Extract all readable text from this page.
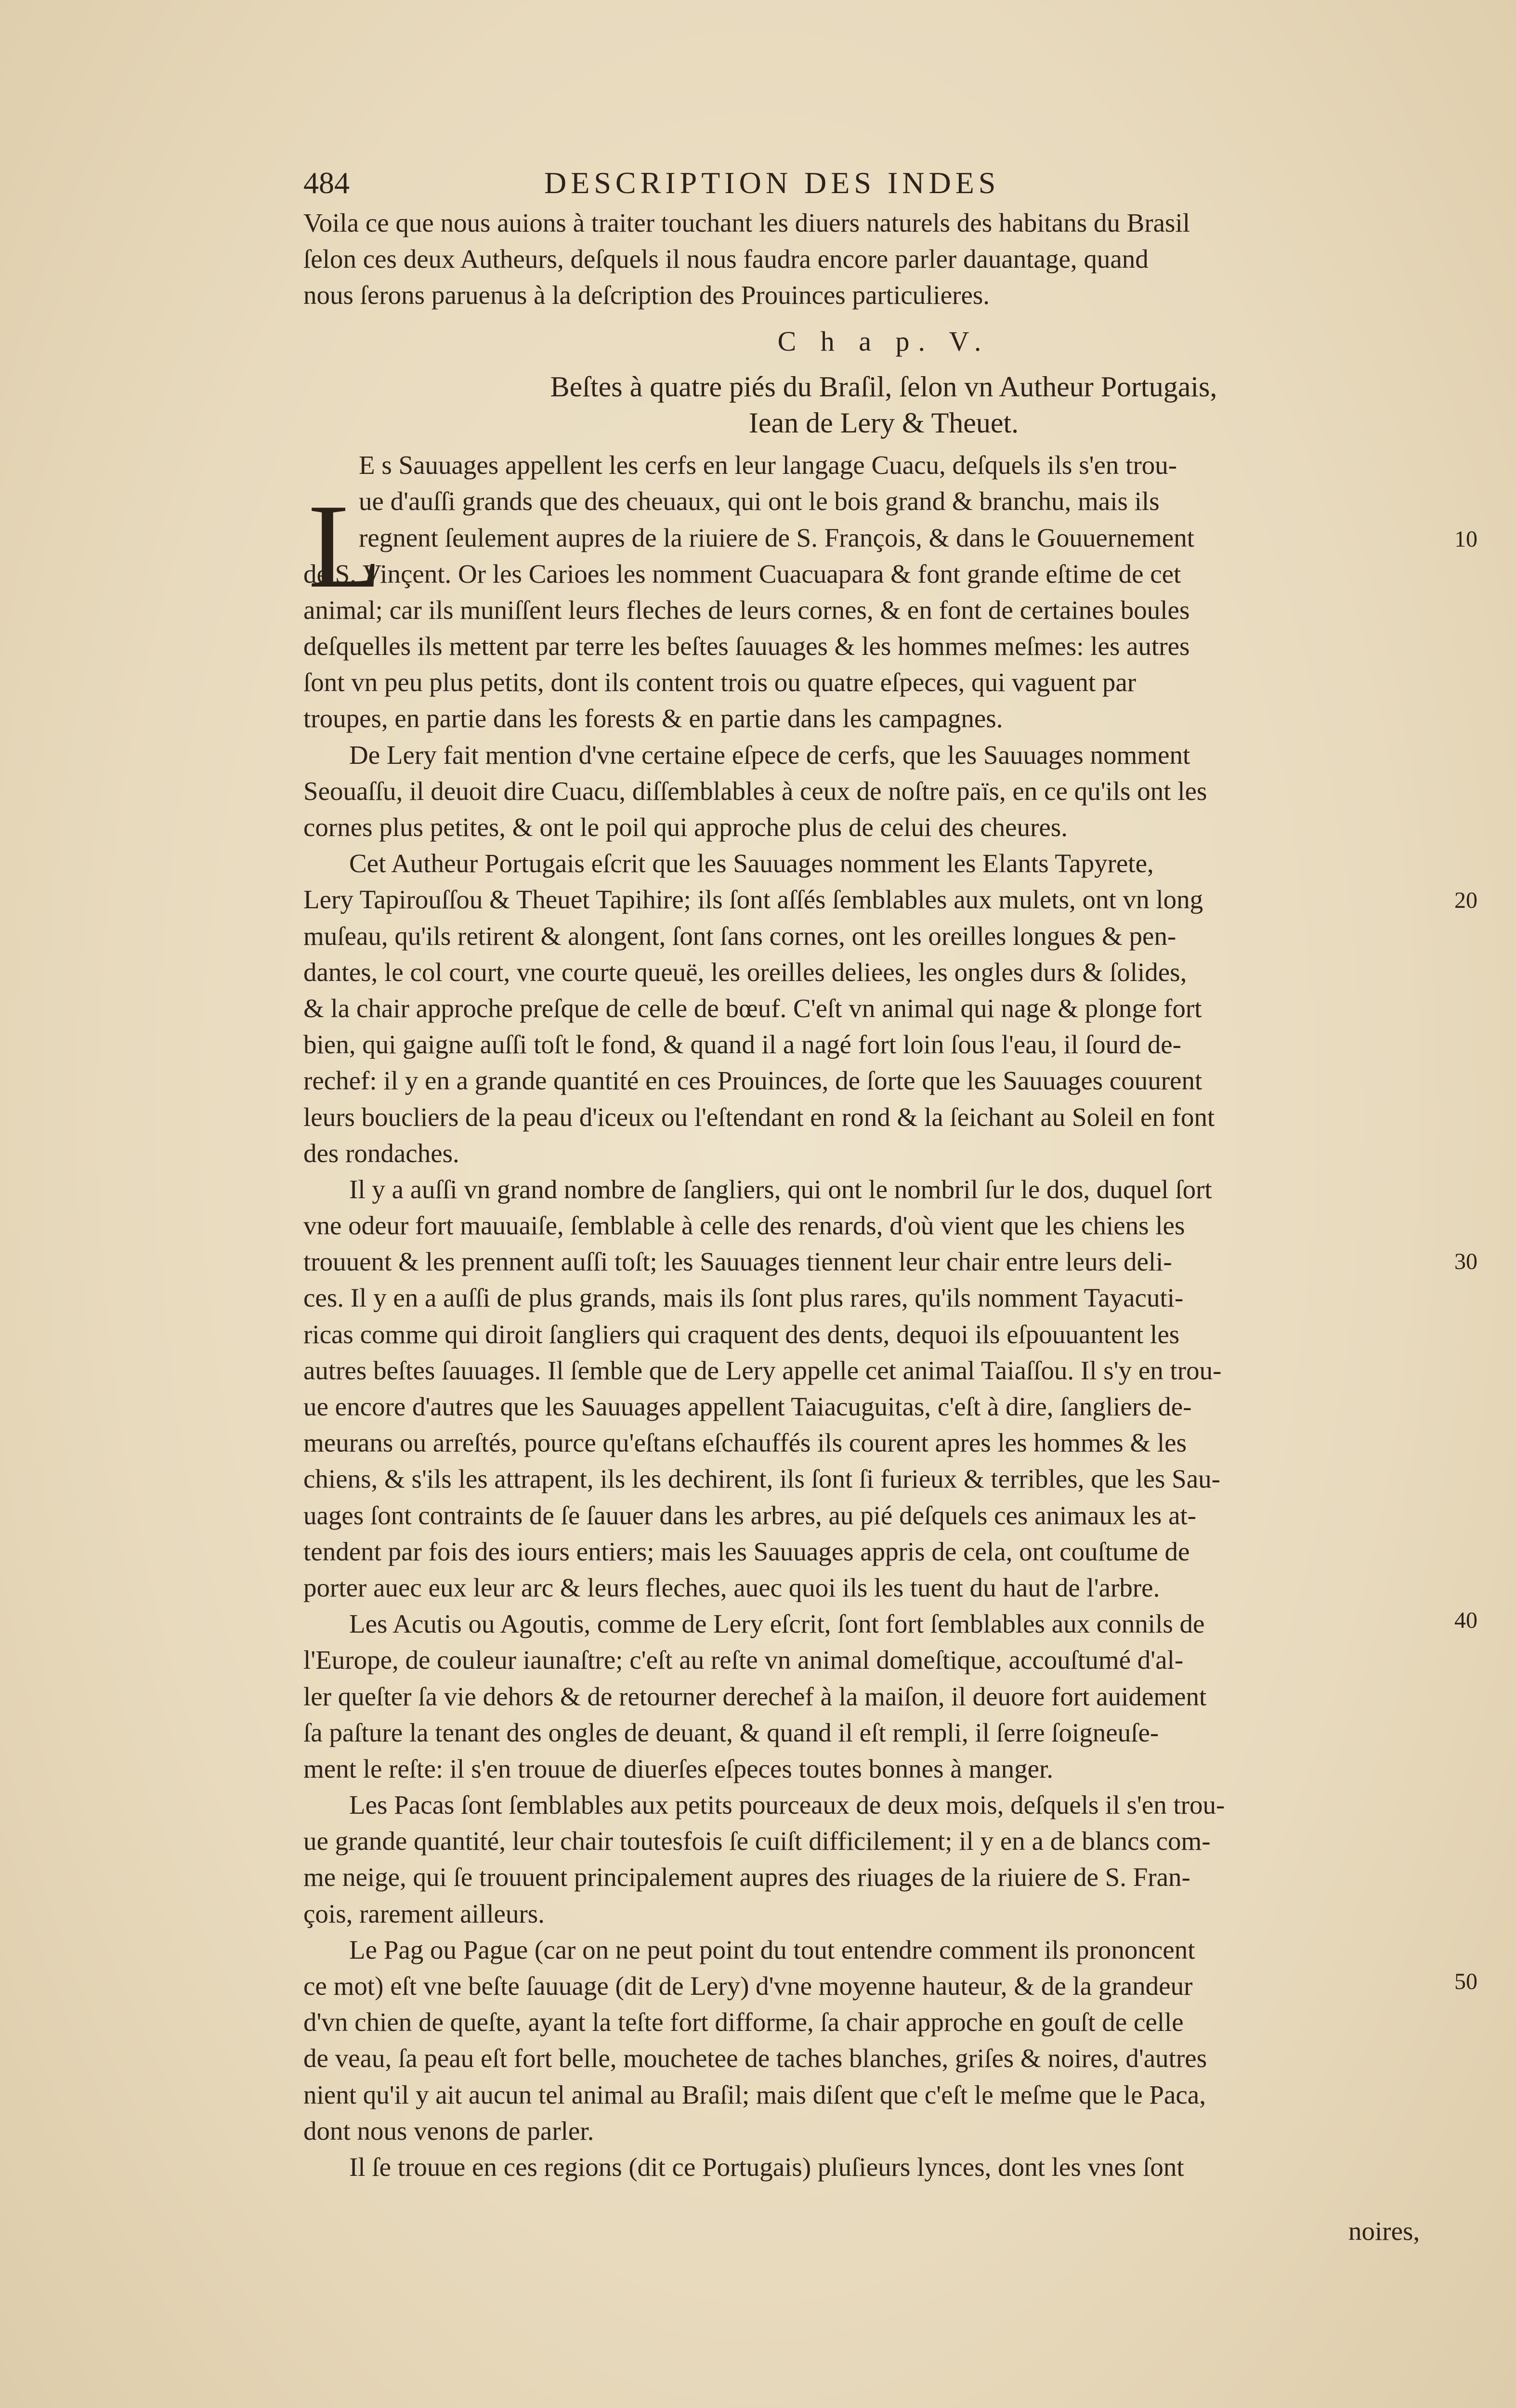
484	DESCRIPTION DES INDES
L
Voila ce que nous auions à traiter touchant les diuers naturels des habitans du Brasil
ſelon ces deux Autheurs, deſquels il nous faudra encore parler dauantage, quand
nous ſerons paruenus à la deſcription des Prouinces particulieres.
C h a p. V.
Beſtes à quatre piés du Braſil, ſelon vn Autheur Portugais,
Iean de Lery & Theuet.
E s Sauuages appellent les cerfs en leur langage Cuacu, deſquels ils s'en trou-
ue d'auſſi grands que des cheuaux, qui ont le bois grand & branchu, mais ils
regnent ſeulement aupres de la riuiere de S. François, & dans le Gouuernement
de S. Vinçent. Or les Carioes les nomment Cuacuapara & font grande eſtime de cet
animal; car ils muniſſent leurs fleches de leurs cornes, & en font de certaines boules
deſquelles ils mettent par terre les beſtes ſauuages & les hommes meſmes: les autres
ſont vn peu plus petits, dont ils content trois ou quatre eſpeces, qui vaguent par
troupes, en partie dans les forests & en partie dans les campagnes.
De Lery fait mention d'vne certaine eſpece de cerfs, que les Sauuages nomment
Seouaſſu, il deuoit dire Cuacu, diſſemblables à ceux de noſtre païs, en ce qu'ils ont les
cornes plus petites, & ont le poil qui approche plus de celui des cheures.
Cet Autheur Portugais eſcrit que les Sauuages nomment les Elants Tapyrete,
Lery Tapirouſſou & Theuet Tapihire; ils ſont aſſés ſemblables aux mulets, ont vn long
muſeau, qu'ils retirent & alongent, ſont ſans cornes, ont les oreilles longues & pen-
dantes, le col court, vne courte queuë, les oreilles deliees, les ongles durs & ſolides,
& la chair approche preſque de celle de bœuf. C'eſt vn animal qui nage & plonge fort
bien, qui gaigne auſſi toſt le fond, & quand il a nagé fort loin ſous l'eau, il ſourd de-
rechef: il y en a grande quantité en ces Prouinces, de ſorte que les Sauuages couurent
leurs boucliers de la peau d'iceux ou l'eſtendant en rond & la ſeichant au Soleil en font
des rondaches.
Il y a auſſi vn grand nombre de ſangliers, qui ont le nombril ſur le dos, duquel ſort
vne odeur fort mauuaiſe, ſemblable à celle des renards, d'où vient que les chiens les
trouuent & les prennent auſſi toſt; les Sauuages tiennent leur chair entre leurs deli-
ces. Il y en a auſſi de plus grands, mais ils ſont plus rares, qu'ils nomment Tayacuti-
ricas comme qui diroit ſangliers qui craquent des dents, dequoi ils eſpouuantent les
autres beſtes ſauuages. Il ſemble que de Lery appelle cet animal Taiaſſou. Il s'y en trou-
ue encore d'autres que les Sauuages appellent Taiacuguitas, c'eſt à dire, ſangliers de-
meurans ou arreſtés, pource qu'eſtans eſchauffés ils courent apres les hommes & les
chiens, & s'ils les attrapent, ils les dechirent, ils ſont ſi furieux & terribles, que les Sau-
uages ſont contraints de ſe ſauuer dans les arbres, au pié deſquels ces animaux les at-
tendent par fois des iours entiers; mais les Sauuages appris de cela, ont couſtume de
porter auec eux leur arc & leurs fleches, auec quoi ils les tuent du haut de l'arbre.
Les Acutis ou Agoutis, comme de Lery eſcrit, ſont fort ſemblables aux connils de
l'Europe, de couleur iaunaſtre; c'eſt au reſte vn animal domeſtique, accouſtumé d'al-
ler queſter ſa vie dehors & de retourner derechef à la maiſon, il deuore fort auidement
ſa paſture la tenant des ongles de deuant, & quand il eſt rempli, il ſerre ſoigneuſe-
ment le reſte: il s'en trouue de diuerſes eſpeces toutes bonnes à manger.
Les Pacas ſont ſemblables aux petits pourceaux de deux mois, deſquels il s'en trou-
ue grande quantité, leur chair toutesfois ſe cuiſt difficilement; il y en a de blancs com-
me neige, qui ſe trouuent principalement aupres des riuages de la riuiere de S. Fran-
çois, rarement ailleurs.
Le Pag ou Pague (car on ne peut point du tout entendre comment ils prononcent
ce mot) eſt vne beſte ſauuage (dit de Lery) d'vne moyenne hauteur, & de la grandeur
d'vn chien de queſte, ayant la teſte fort difforme, ſa chair approche en gouſt de celle
de veau, ſa peau eſt fort belle, mouchetee de taches blanches, griſes & noires, d'autres
nient qu'il y ait aucun tel animal au Braſil; mais diſent que c'eſt le meſme que le Paca,
dont nous venons de parler.
Il ſe trouue en ces regions (dit ce Portugais) pluſieurs lynces, dont les vnes ſont
noires,
10
20
30
40
50
